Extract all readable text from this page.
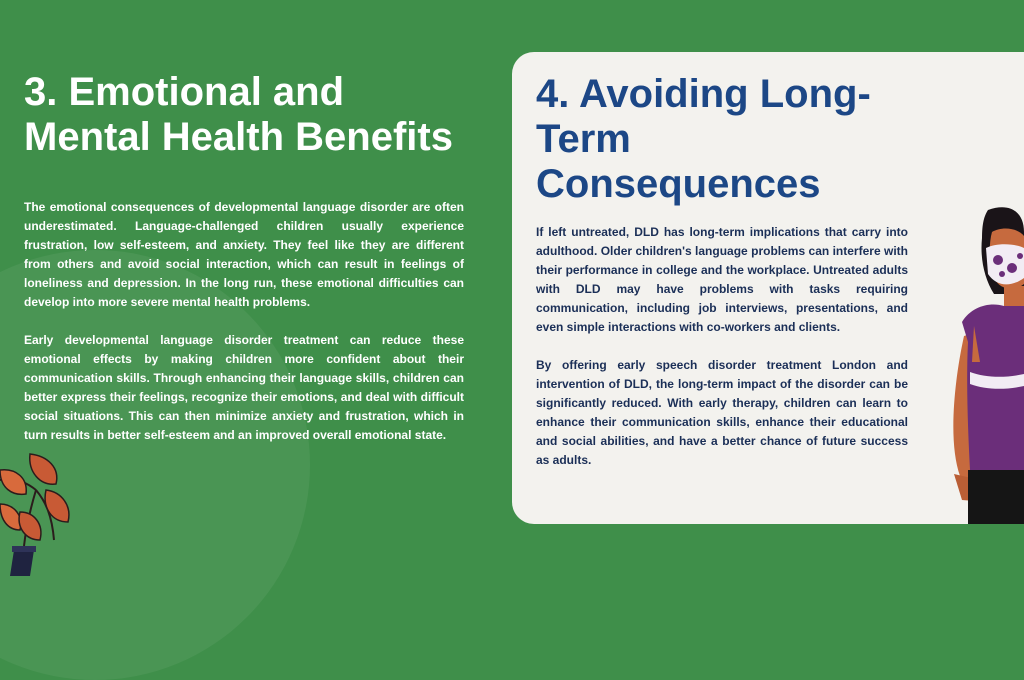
3. Emotional and Mental Health Benefits

The emotional consequences of developmental language disorder are often underestimated. Language-challenged children usually experience frustration, low self-esteem, and anxiety. They feel like they are different from others and avoid social interaction, which can result in feelings of loneliness and depression. In the long run, these emotional difficulties can develop into more severe mental health problems.

Early developmental language disorder treatment can reduce these emotional effects by making children more confident about their communication skills. Through enhancing their language skills, children can better express their feelings, recognize their emotions, and deal with difficult social situations. This can then minimize anxiety and frustration, which in turn results in better self-esteem and an improved overall emotional state.

4. Avoiding Long-Term Consequences

If left untreated, DLD has long-term implications that carry into adulthood. Older children's language problems can interfere with their performance in college and the workplace. Untreated adults with DLD may have problems with tasks requiring communication, including job interviews, presentations, and even simple interactions with co-workers and clients.

By offering early speech disorder treatment London and intervention of DLD, the long-term impact of the disorder can be significantly reduced. With early therapy, children can learn to enhance their communication skills, enhance their educational and social abilities, and have a better chance of future success as adults.
